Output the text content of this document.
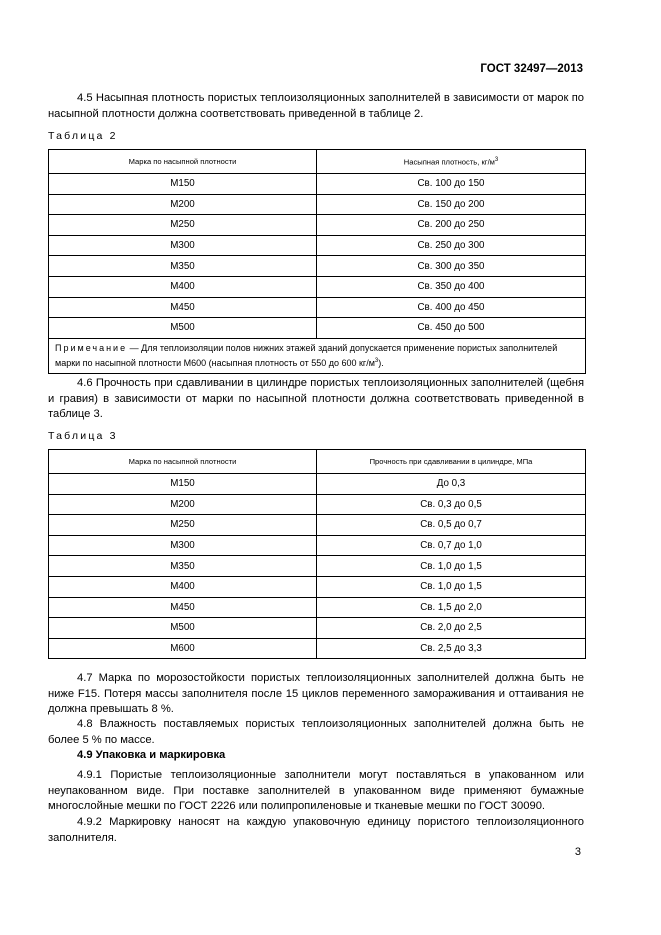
ГОСТ 32497—2013

4.5 Насыпная плотность пористых теплоизоляционных заполнителей в зависимости от марок по насыпной плотности должна соответствовать приведенной в таблице 2.

Таблица 2
Марка по насыпной плотности	Насыпная плотность, $кг/м^3$
М150	Св. 100 до 150
М200	Св. 150 до 200
М250	Св. 200 до 250
М300	Св. 250 до 300
М350	Св. 300 до 350
М400	Св. 350 до 400
М450	Св. 400 до 450
М500	Св. 450 до 500
Примечание — Для теплоизоляции полов нижних этажей зданий допускается применение пористых заполнителей марки по насыпной плотности М600 (насыпная плотность от 550 до 600 $кг/м^3$).	

4.6 Прочность при сдавливании в цилиндре пористых теплоизоляционных заполнителей (щебня и гравия) в зависимости от марки по насыпной плотности должна соответствовать приведенной в таблице 3.

Таблица 3
Марка по насыпной плотности	Прочность при сдавливании в цилиндре, МПа
М150	До 0,3
М200	Св. 0,3 до 0,5
М250	Св. 0,5 до 0,7
М300	Св. 0,7 до 1,0
М350	Св. 1,0 до 1,5
М400	Св. 1,0 до 1,5
М450	Св. 1,5 до 2,0
М500	Св. 2,0 до 2,5
М600	Св. 2,5 до 3,3

4.7 Марка по морозостойкости пористых теплоизоляционных заполнителей должна быть не ниже F15. Потеря массы заполнителя после 15 циклов переменного замораживания и оттаивания не должна превышать 8 %.

4.8 Влажность поставляемых пористых теплоизоляционных заполнителей должна быть не более 5 % по массе.

4.9 Упаковка и маркировка

4.9.1 Пористые теплоизоляционные заполнители могут поставляться в упакованном или неупакованном виде. При поставке заполнителей в упакованном виде применяют бумажные многослойные мешки по ГОСТ 2226 или полипропиленовые и тканевые мешки по ГОСТ 30090.

4.9.2 Маркировку наносят на каждую упаковочную единицу пористого теплоизоляционного заполнителя.

3
